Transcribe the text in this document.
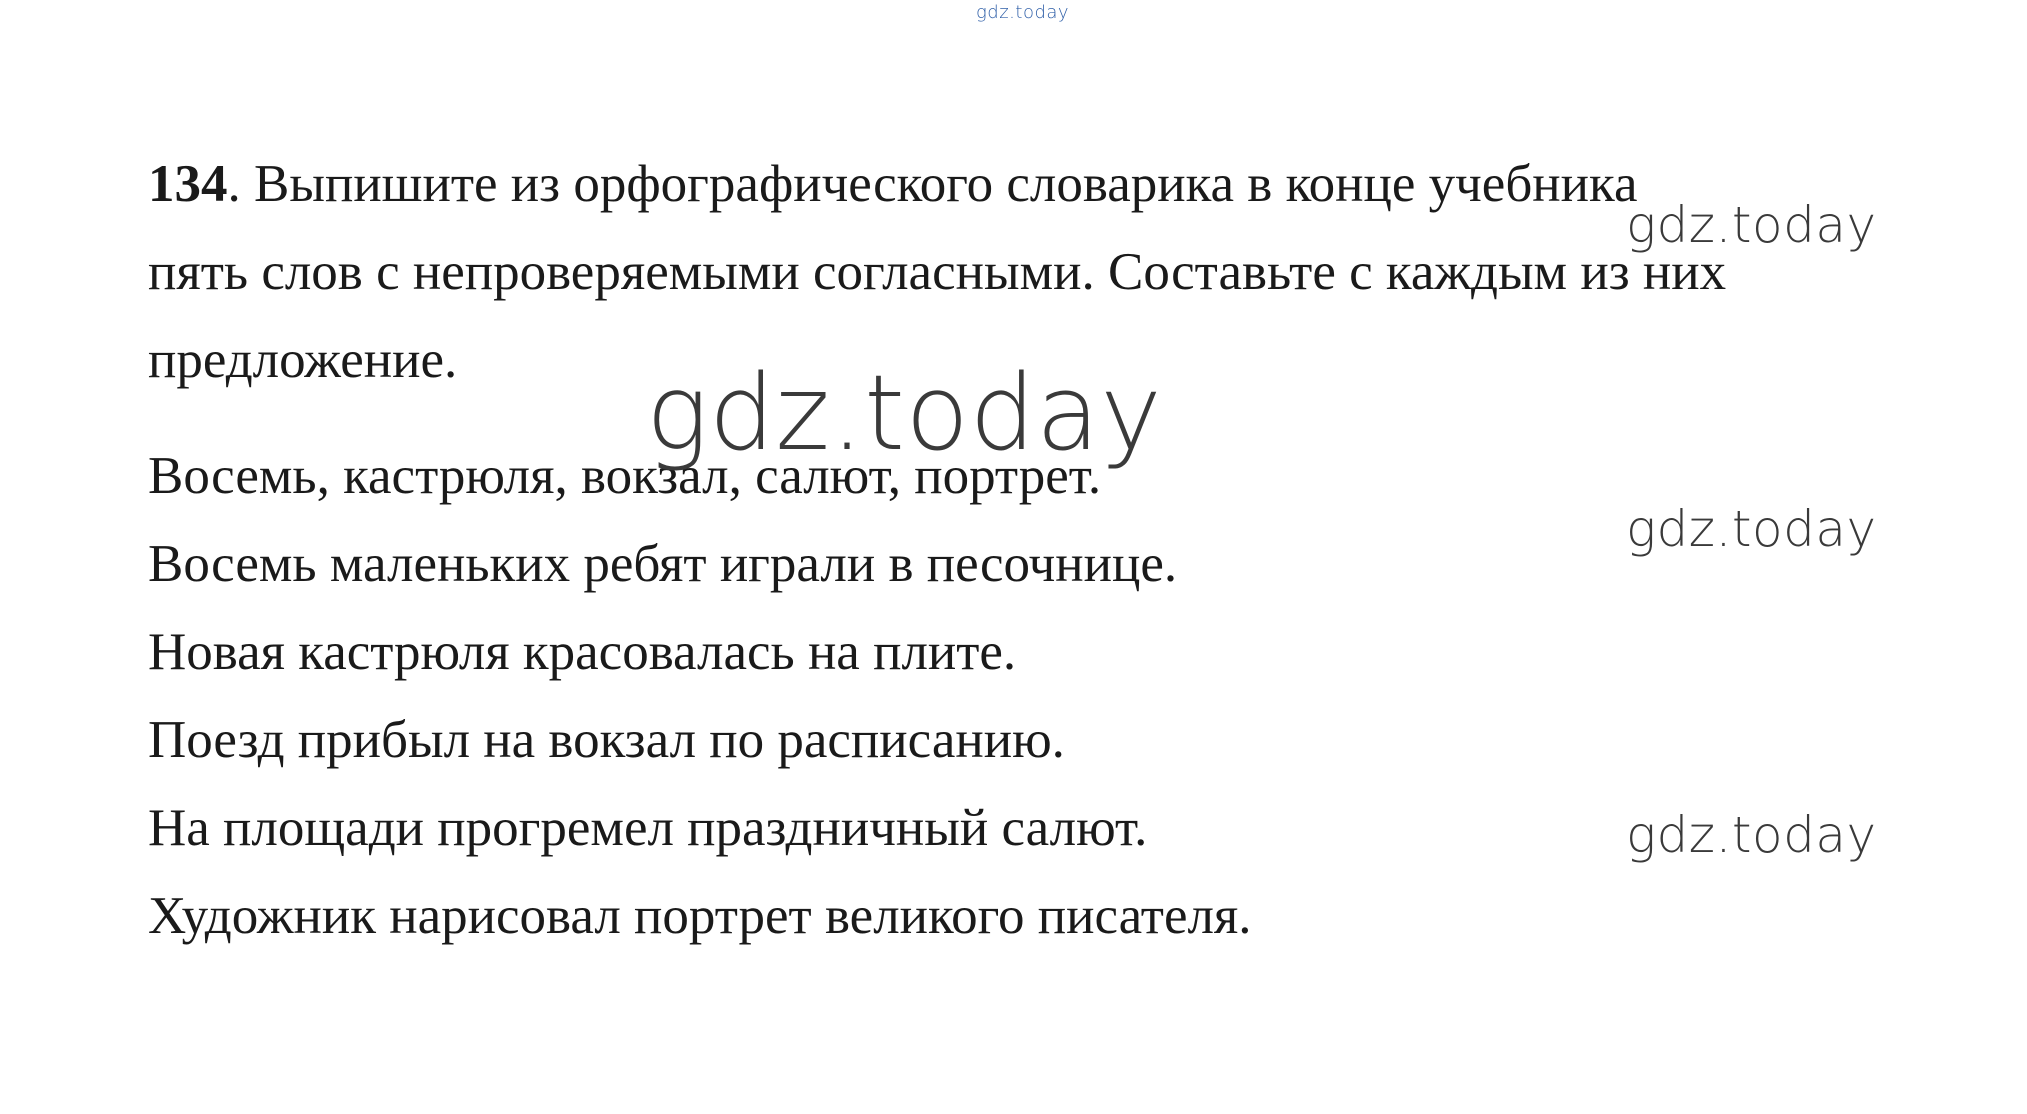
134. Выпишите из орфографического словарика в конце учебника
пять слов с непроверяемыми согласными. Составьте с каждым из них
предложение.
Восемь, кастрюля, вокзал, салют, портрет.
Восемь маленьких ребят играли в песочнице.
Новая кастрюля красовалась на плите.
Поезд прибыл на вокзал по расписанию.
На площади прогремел праздничный салют.
Художник нарисовал портрет великого писателя.
gdz.today
gdz.today
gdz.today
gdz.today
gdz.today
